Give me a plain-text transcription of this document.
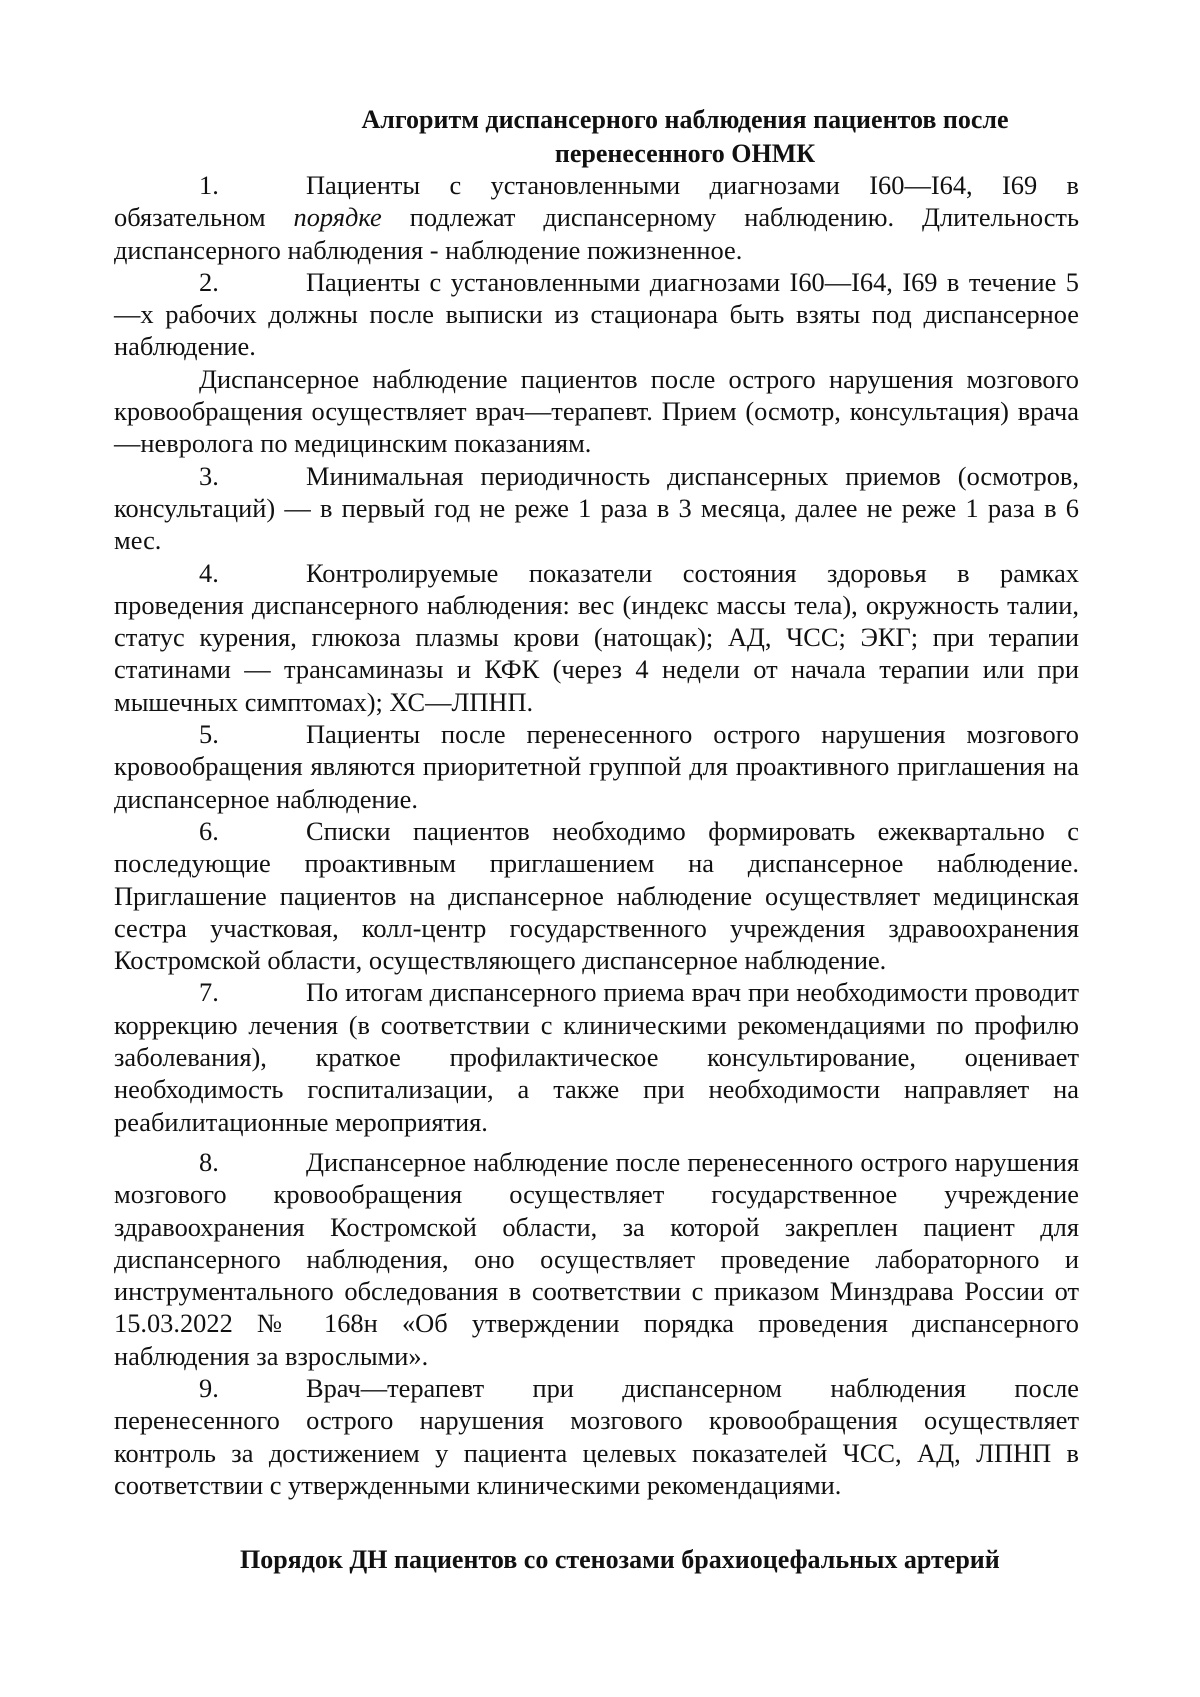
Алгоритм диспансерного наблюдения пациентов после
перенесенного ОНМК

1.	Пациенты с установленными диагнозами I60—I64, I69 в обязательном порядке подлежат диспансерному наблюдению. Длительность диспансерного наблюдения - наблюдение пожизненное.

2.	Пациенты с установленными диагнозами I60—I64, I69 в течение 5—х рабочих должны после выписки из стационара быть взяты под диспансерное наблюдение.

Диспансерное наблюдение пациентов после острого нарушения мозгового кровообращения осуществляет врач—терапевт. Прием (осмотр, консультация) врача—невролога по медицинским показаниям.

3.	Минимальная периодичность диспансерных приемов (осмотров, консультаций) — в первый год не реже 1 раза в 3 месяца, далее не реже 1 раза в 6 мес.

4.	Контролируемые показатели состояния здоровья в рамках проведения диспансерного наблюдения: вес (индекс массы тела), окружность талии, статус курения, глюкоза плазмы крови (натощак); АД, ЧСС; ЭКГ; при терапии статинами — трансаминазы и КФК (через 4 недели от начала терапии или при мышечных симптомах); ХС—ЛПНП.

5.	Пациенты после перенесенного острого нарушения мозгового кровообращения являются приоритетной группой для проактивного приглашения на диспансерное наблюдение.

6.	Списки пациентов необходимо формировать ежеквартально с последующие проактивным приглашением на диспансерное наблюдение. Приглашение пациентов на диспансерное наблюдение осуществляет медицинская сестра участковая, колл-центр государственного учреждения здравоохранения Костромской области, осуществляющего диспансерное наблюдение.

7.	По итогам диспансерного приема врач при необходимости проводит коррекцию лечения (в соответствии с клиническими рекомендациями по профилю заболевания), краткое профилактическое консультирование, оценивает необходимость госпитализации, а также при необходимости направляет на реабилитационные мероприятия.

8.	Диспансерное наблюдение после перенесенного острого нарушения мозгового кровообращения осуществляет государственное учреждение здравоохранения Костромской области, за которой закреплен пациент для диспансерного наблюдения, оно осуществляет проведение лабораторного и инструментального обследования в соответствии с приказом Минздрава России от 15.03.2022 № 168н «Об утверждении порядка проведения диспансерного наблюдения за взрослыми».

9.	Врач—терапевт при диспансерном наблюдения после перенесенного острого нарушения мозгового кровообращения осуществляет контроль за достижением у пациента целевых показателей ЧСС, АД, ЛПНП в соответствии с утвержденными клиническими рекомендациями.

Порядок ДН пациентов со стенозами брахиоцефальных артерий
